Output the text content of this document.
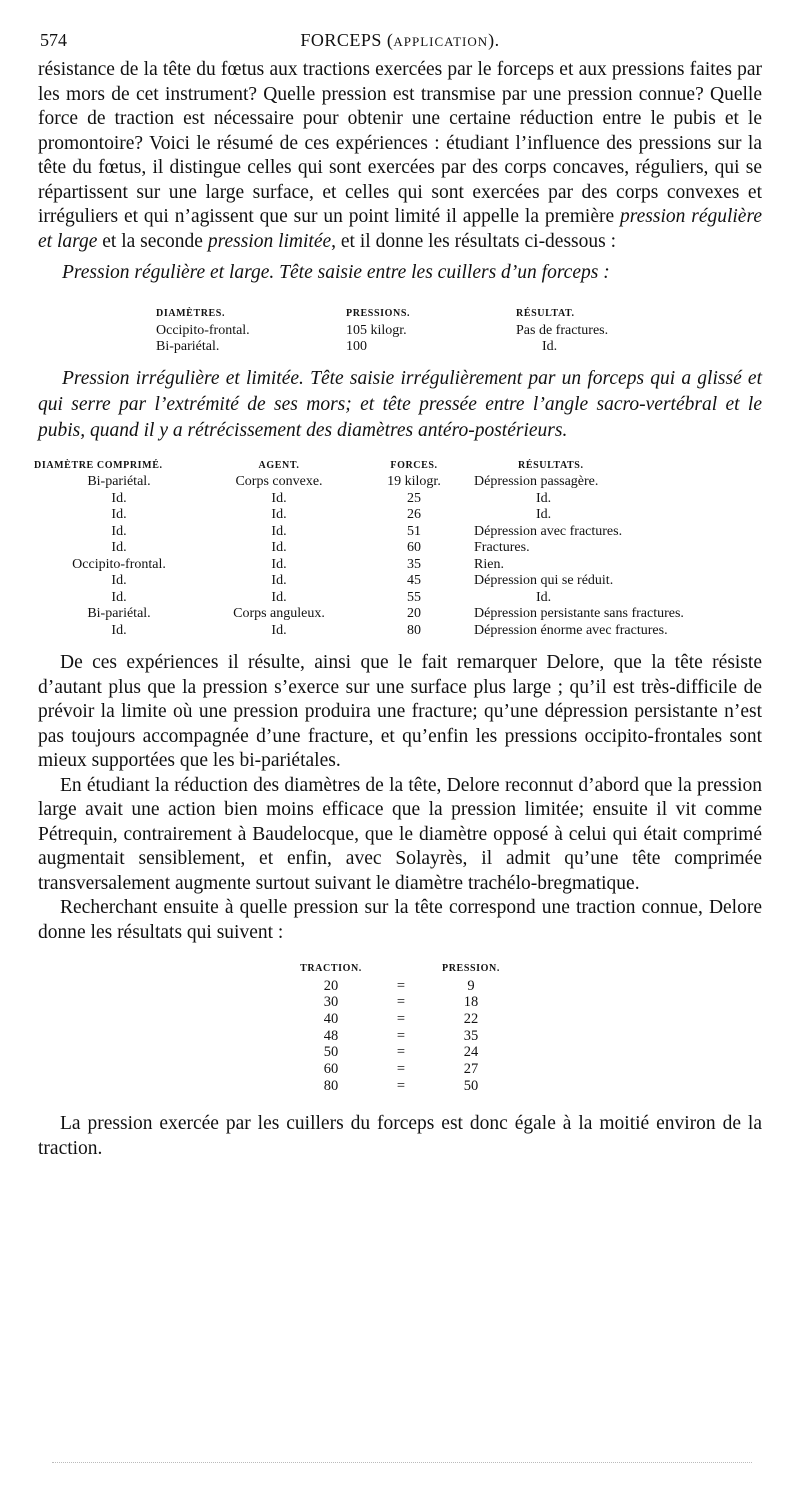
574	FORCEPS (APPLICATION).

résistance de la tête du fœtus aux tractions exercées par le forceps et aux pressions faites par les mors de cet instrument? Quelle pression est transmise par une pression connue? Quelle force de traction est nécessaire pour obtenir une certaine réduction entre le pubis et le promontoire? Voici le résumé de ces expériences : étudiant l’influence des pressions sur la tête du fœtus, il distingue celles qui sont exercées par des corps concaves, réguliers, qui se répartissent sur une large surface, et celles qui sont exercées par des corps convexes et irréguliers et qui n’agissent que sur un point limité il appelle la première pression régulière et large et la seconde pression limitée, et il donne les résultats ci-dessous :

Pression régulière et large. Tête saisie entre les cuillers d’un forceps :

DIAMÈTRES.	PRESSIONS.	RÉSULTAT.
Occipito-frontal.	105 kilogr.	Pas de fractures.
Bi-pariétal.	100	Id.

Pression irrégulière et limitée. Tête saisie irrégulièrement par un forceps qui a glissé et qui serre par l’extrémité de ses mors; et tête pressée entre l’angle sacro-vertébral et le pubis, quand il y a rétrécissement des diamètres antéro-postérieurs.

DIAMÈTRE COMPRIMÉ.	AGENT.	FORCES.	RÉSULTATS.
Bi-pariétal.	Corps convexe.	19 kilogr.	Dépression passagère.
Id.	Id.	25	Id.
Id.	Id.	26	Id.
Id.	Id.	51	Dépression avec fractures.
Id.	Id.	60	Fractures.
Occipito-frontal.	Id.	35	Rien.
Id.	Id.	45	Dépression qui se réduit.
Id.	Id.	55	Id.
Bi-pariétal.	Corps anguleux.	20	Dépression persistante sans fractures.
Id.	Id.	80	Dépression énorme avec fractures.

De ces expériences il résulte, ainsi que le fait remarquer Delore, que la tête résiste d’autant plus que la pression s’exerce sur une surface plus large ; qu’il est très-difficile de prévoir la limite où une pression produira une fracture; qu’une dépression persistante n’est pas toujours accompagnée d’une fracture, et qu’enfin les pressions occipito-frontales sont mieux supportées que les bi-pariétales.

En étudiant la réduction des diamètres de la tête, Delore reconnut d’abord que la pression large avait une action bien moins efficace que la pression limitée; ensuite il vit comme Pétrequin, contrairement à Baudelocque, que le diamètre opposé à celui qui était comprimé augmentait sensiblement, et enfin, avec Solayrès, il admit qu’une tête comprimée transversalement augmente surtout suivant le diamètre trachélo-bregmatique.

Recherchant ensuite à quelle pression sur la tête correspond une traction connue, Delore donne les résultats qui suivent :

TRACTION.		PRESSION.
20	=	9
30	=	18
40	=	22
48	=	35
50	=	24
60	=	27
80	=	50

La pression exercée par les cuillers du forceps est donc égale à la moitié environ de la traction.
